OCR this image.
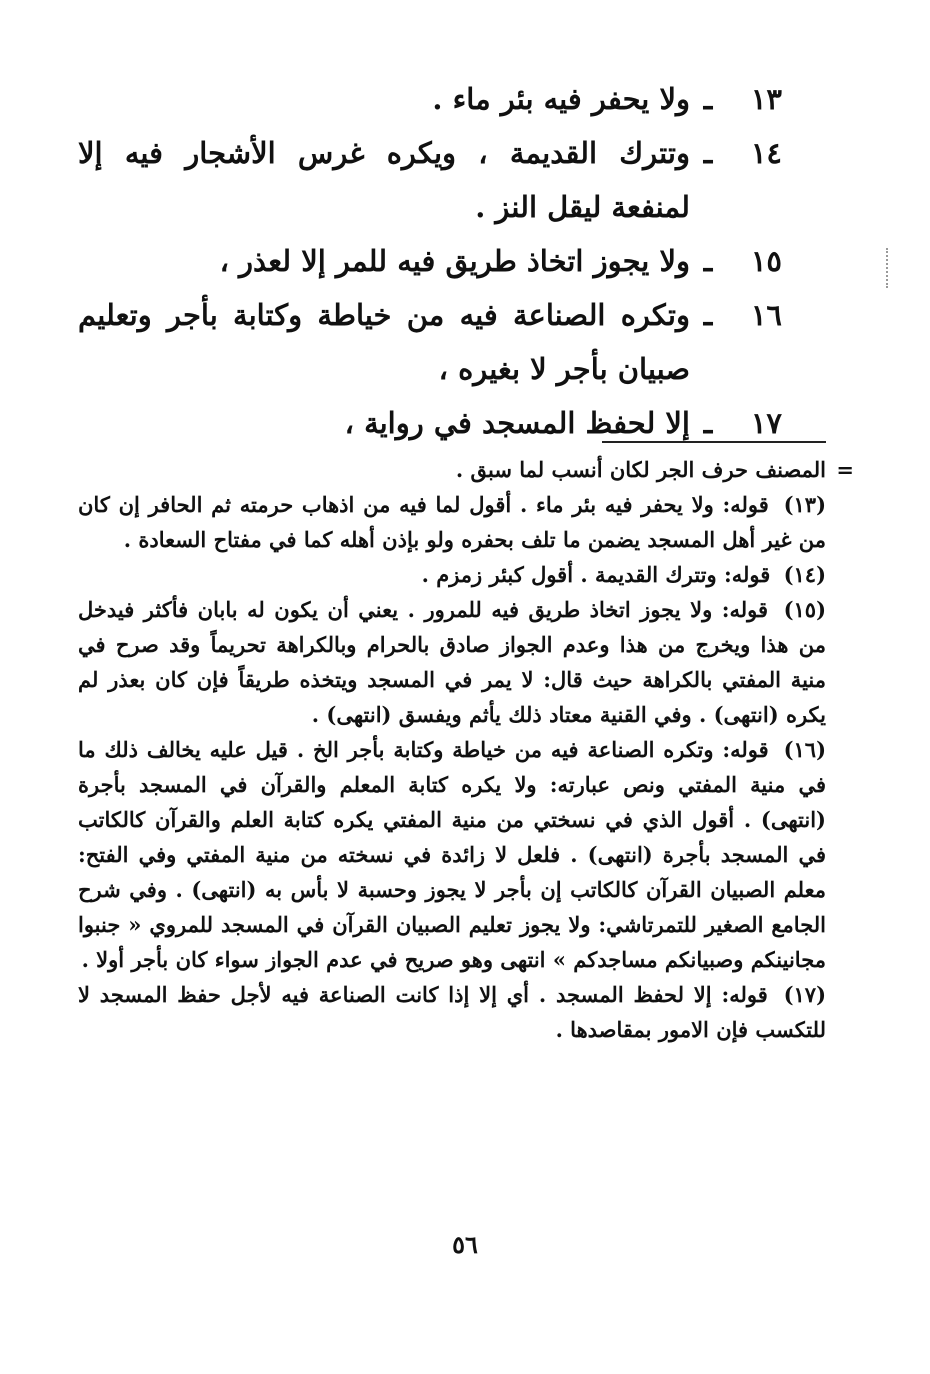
١٣
ـ
ولا يحفر فيه بئر ماء .
١٤
ـ
وتترك القديمة ، ويكره غرس الأشجار فيه إلا لمنفعة ليقل النز .
١٥
ـ
ولا يجوز اتخاذ طريق فيه للمر إلا لعذر ،
١٦
ـ
وتكره الصناعة فيه من خياطة وكتابة بأجر وتعليم صبيان بأجر لا بغيره ،
١٧
ـ
إلا لحفظ المسجد في رواية ،

=
المصنف حرف الجر لكان أنسب لما سبق .

(١٣) قوله: ولا يحفر فيه بئر ماء . أقول لما فيه من اذهاب حرمته ثم الحافر إن كان من غير أهل المسجد يضمن ما تلف بحفره ولو بإذن أهله كما في مفتاح السعادة .

(١٤) قوله: وتترك القديمة . أقول كبئر زمزم .

(١٥) قوله: ولا يجوز اتخاذ طريق فيه للمرور . يعني أن يكون له بابان فأكثر فيدخل من هذا ويخرج من هذا وعدم الجواز صادق بالحرام وبالكراهة تحريماً وقد صرح في منية المفتي بالكراهة حيث قال: لا يمر في المسجد ويتخذه طريقاً فإن كان بعذر لم يكره (انتهى) . وفي القنية معتاد ذلك يأثم ويفسق (انتهى) .

(١٦) قوله: وتكره الصناعة فيه من خياطة وكتابة بأجر الخ . قيل عليه يخالف ذلك ما في منية المفتي ونص عبارته: ولا يكره كتابة المعلم والقرآن في المسجد بأجرة (انتهى) . أقول الذي في نسختي من منية المفتي يكره كتابة العلم والقرآن كالكاتب في المسجد بأجرة (انتهى) . فلعل لا زائدة في نسخته من منية المفتي وفي الفتح: معلم الصبيان القرآن كالكاتب إن بأجر لا يجوز وحسبة لا بأس به (انتهى) . وفي شرح الجامع الصغير للتمرتاشي: ولا يجوز تعليم الصبيان القرآن في المسجد للمروي « جنبوا مجانينكم وصبيانكم مساجدكم » انتهى وهو صريح في عدم الجواز سواء كان بأجر أولا .

(١٧) قوله: إلا لحفظ المسجد . أي إلا إذا كانت الصناعة فيه لأجل حفظ المسجد لا للتكسب فإن الامور بمقاصدها .

٥٦
